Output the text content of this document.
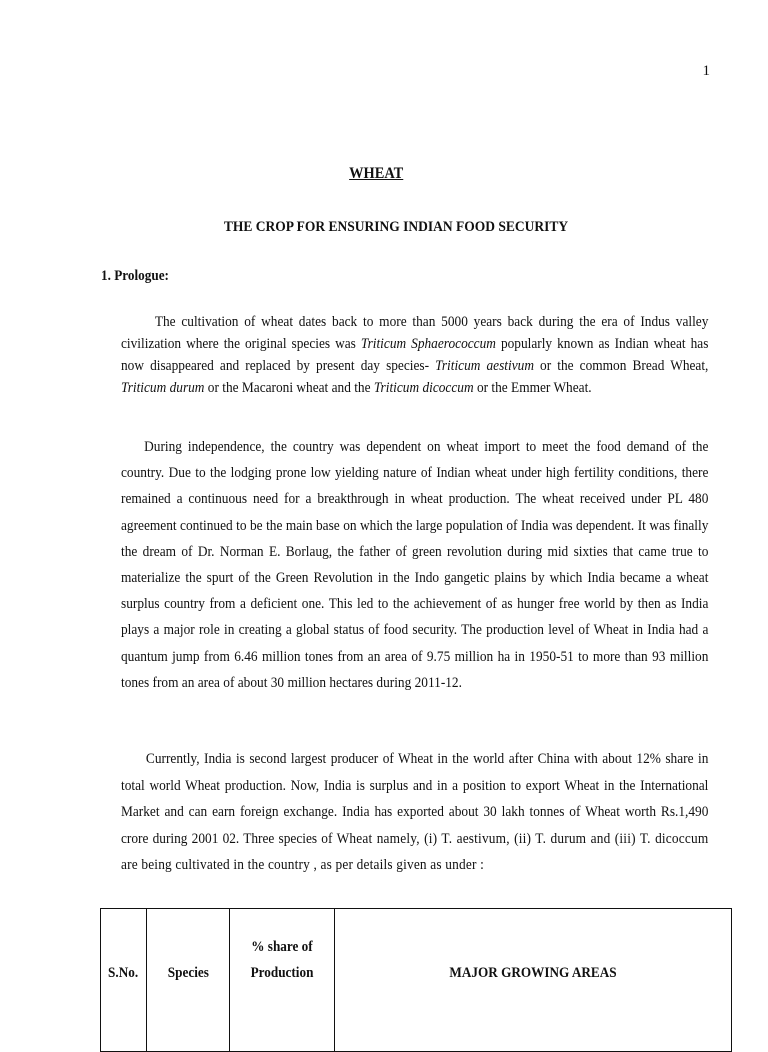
1
WHEAT
THE CROP FOR ENSURING INDIAN FOOD SECURITY
1. Prologue:
The cultivation of wheat dates back to more than 5000 years back during the era of Indus valley civilization where the original species was Triticum Sphaerococcum popularly known as Indian wheat has now disappeared and replaced by present day species- Triticum aestivum or the common Bread Wheat, Triticum durum or the Macaroni wheat and the Triticum dicoccum or the Emmer Wheat.
During independence, the country was dependent on wheat import to meet the food demand of the country. Due to the lodging prone low yielding nature of Indian wheat under high fertility conditions, there remained a continuous need for a breakthrough in wheat production. The wheat received under PL 480 agreement continued to be the main base on which the large population of India was dependent. It was finally the dream of Dr. Norman E. Borlaug, the father of green revolution during mid sixties that came true to materialize the spurt of the Green Revolution in the Indo gangetic plains by which India became a wheat surplus country from a deficient one. This led to the achievement of as hunger free world by then as India plays a major role in creating a global status of food security. The production level of Wheat in India had a quantum jump from 6.46 million tones from an area of 9.75 million ha in 1950-51 to more than 93 million tones from an area of about 30 million hectares during 2011-12.
Currently, India is second largest producer of Wheat in the world after China with about 12% share in total world Wheat production. Now, India is surplus and in a position to export Wheat in the International Market and can earn foreign exchange. India has exported about 30 lakh tonnes of Wheat worth Rs.1,490 crore during 2001 02. Three species of Wheat namely, (i) T. aestivum, (ii) T. durum and (iii) T. dicoccum are being cultivated in the country , as per details given as under :
S.No.	Species	% share of Production	MAJOR GROWING AREAS
